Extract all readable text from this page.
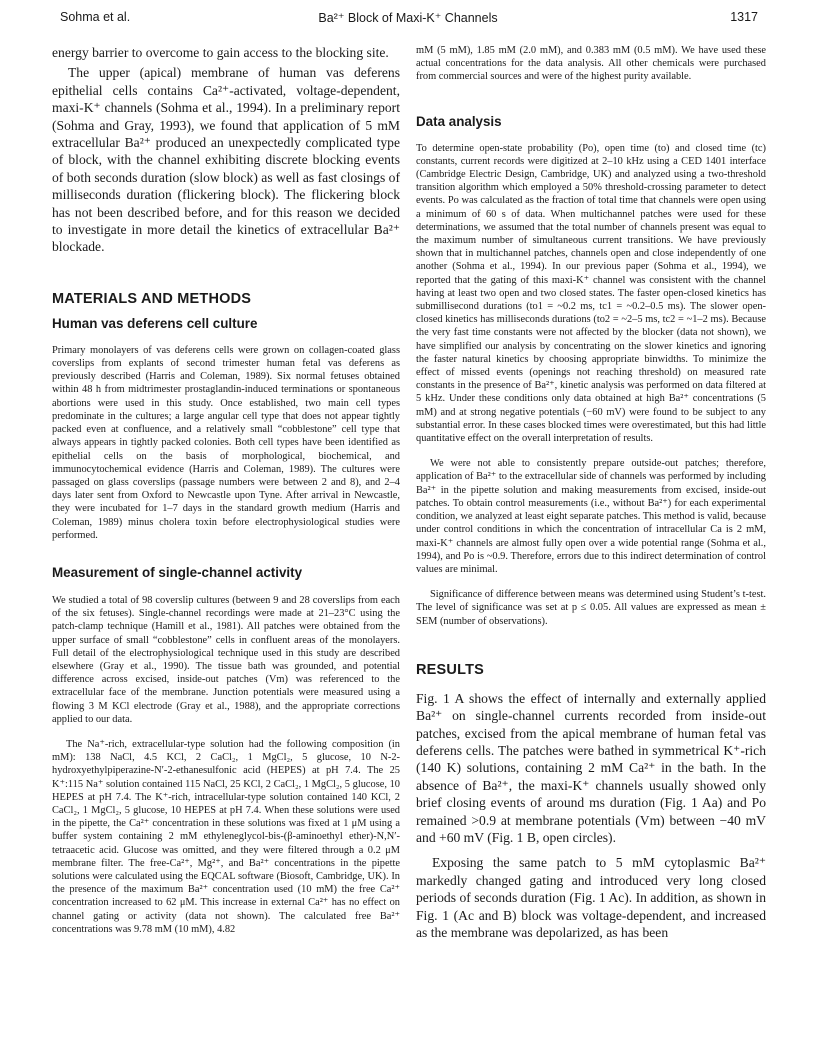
Sohma et al.	Ba²⁺ Block of Maxi-K⁺ Channels	1317

energy barrier to overcome to gain access to the blocking site.

The upper (apical) membrane of human vas deferens epithelial cells contains Ca²⁺-activated, voltage-dependent, maxi-K⁺ channels (Sohma et al., 1994). In a preliminary report (Sohma and Gray, 1993), we found that application of 5 mM extracellular Ba²⁺ produced an unexpectedly complicated type of block, with the channel exhibiting discrete blocking events of both seconds duration (slow block) as well as fast closings of milliseconds duration (flickering block). The flickering block has not been described before, and for this reason we decided to investigate in more detail the kinetics of extracellular Ba²⁺ blockade.

MATERIALS AND METHODS
Human vas deferens cell culture

Primary monolayers of vas deferens cells were grown on collagen-coated glass coverslips from explants of second trimester human fetal vas deferens as previously described (Harris and Coleman, 1989). Six normal fetuses obtained within 48 h from midtrimester prostaglandin-induced terminations or spontaneous abortions were used in this study. Once established, two main cell types predominate in the cultures; a large angular cell type that does not appear tightly packed even at confluence, and a relatively small “cobblestone” cell type that always appears in tightly packed colonies. Both cell types have been identified as epithelial cells on the basis of morphological, biochemical, and immunocytochemical evidence (Harris and Coleman, 1989). The cultures were passaged on glass coverslips (passage numbers were between 2 and 8), and 2–4 days later sent from Oxford to Newcastle upon Tyne. After arrival in Newcastle, they were incubated for 1–7 days in the standard growth medium (Harris and Coleman, 1989) minus cholera toxin before electrophysiological studies were performed.

Measurement of single-channel activity

We studied a total of 98 coverslip cultures (between 9 and 28 coverslips from each of the six fetuses). Single-channel recordings were made at 21–23°C using the patch-clamp technique (Hamill et al., 1981). All patches were obtained from the upper surface of small “cobblestone” cells in confluent areas of the monolayers. Full detail of the electrophysiological technique used in this study are described elsewhere (Gray et al., 1990). The tissue bath was grounded, and potential difference across excised, inside-out patches (Vm) was referenced to the extracellular face of the membrane. Junction potentials were measured using a flowing 3 M KCl electrode (Gray et al., 1988), and the appropriate corrections applied to our data.

The Na⁺-rich, extracellular-type solution had the following composition (in mM): 138 NaCl, 4.5 KCl, 2 CaCl₂, 1 MgCl₂, 5 glucose, 10 N-2-hydroxyethylpiperazine-N′-2-ethanesulfonic acid (HEPES) at pH 7.4. The 25 K⁺:115 Na⁺ solution contained 115 NaCl, 25 KCl, 2 CaCl₂, 1 MgCl₂, 5 glucose, 10 HEPES at pH 7.4. The K⁺-rich, intracellular-type solution contained 140 KCl, 2 CaCl₂, 1 MgCl₂, 5 glucose, 10 HEPES at pH 7.4. When these solutions were used in the pipette, the Ca²⁺ concentration in these solutions was fixed at 1 μM using a buffer system containing 2 mM ethyleneglycol-bis-(β-aminoethyl ether)-N,N′-tetraacetic acid. Glucose was omitted, and they were filtered through a 0.2 μM membrane filter. The free-Ca²⁺, Mg²⁺, and Ba²⁺ concentrations in the pipette solutions were calculated using the EQCAL software (Biosoft, Cambridge, UK). In the presence of the maximum Ba²⁺ concentration used (10 mM) the free Ca²⁺ concentration increased to 62 μM. This increase in external Ca²⁺ has no effect on channel gating or activity (data not shown). The calculated free Ba²⁺ concentrations was 9.78 mM (10 mM), 4.82

mM (5 mM), 1.85 mM (2.0 mM), and 0.383 mM (0.5 mM). We have used these actual concentrations for the data analysis. All other chemicals were purchased from commercial sources and were of the highest purity available.

Data analysis

To determine open-state probability (Po), open time (to) and closed time (tc) constants, current records were digitized at 2–10 kHz using a CED 1401 interface (Cambridge Electric Design, Cambridge, UK) and analyzed using a two-threshold transition algorithm which employed a 50% threshold-crossing parameter to detect events. Po was calculated as the fraction of total time that channels were open using a minimum of 60 s of data. When multichannel patches were used for these determinations, we assumed that the total number of channels present was equal to the maximum number of simultaneous current transitions. We have previously shown that in multichannel patches, channels open and close independently of one another (Sohma et al., 1994). In our previous paper (Sohma et al., 1994), we reported that the gating of this maxi-K⁺ channel was consistent with the channel having at least two open and two closed states. The faster open-closed kinetics has submillisecond durations (to1 = ~0.2 ms, tc1 = ~0.2–0.5 ms). The slower open-closed kinetics has milliseconds durations (to2 = ~2–5 ms, tc2 = ~1–2 ms). Because the very fast time constants were not affected by the blocker (data not shown), we have simplified our analysis by concentrating on the slower kinetics and ignoring the faster natural kinetics by choosing appropriate binwidths. To minimize the effect of missed events (openings not reaching threshold) on measured rate constants in the presence of Ba²⁺, kinetic analysis was performed on data filtered at 5 kHz. Under these conditions only data obtained at high Ba²⁺ concentrations (5 mM) and at strong negative potentials (−60 mV) were found to be subject to any substantial error. In these cases blocked times were overestimated, but this had little quantitative effect on the overall interpretation of results.

We were not able to consistently prepare outside-out patches; therefore, application of Ba²⁺ to the extracellular side of channels was performed by including Ba²⁺ in the pipette solution and making measurements from excised, inside-out patches. To obtain control measurements (i.e., without Ba²⁺) for each experimental condition, we analyzed at least eight separate patches. This method is valid, because under control conditions in which the concentration of intracellular Ca is 2 mM, maxi-K⁺ channels are almost fully open over a wide potential range (Sohma et al., 1994), and Po is ~0.9. Therefore, errors due to this indirect determination of control values are minimal.

Significance of difference between means was determined using Student’s t-test. The level of significance was set at p ≤ 0.05. All values are expressed as mean ± SEM (number of observations).

RESULTS

Fig. 1 A shows the effect of internally and externally applied Ba²⁺ on single-channel currents recorded from inside-out patches, excised from the apical membrane of human fetal vas deferens cells. The patches were bathed in symmetrical K⁺-rich (140 K) solutions, containing 2 mM Ca²⁺ in the bath. In the absence of Ba²⁺, the maxi-K⁺ channels usually showed only brief closing events of around ms duration (Fig. 1 Aa) and Po remained >0.9 at membrane potentials (Vm) between −40 mV and +60 mV (Fig. 1 B, open circles).

Exposing the same patch to 5 mM cytoplasmic Ba²⁺ markedly changed gating and introduced very long closed periods of seconds duration (Fig. 1 Ac). In addition, as shown in Fig. 1 (Ac and B) block was voltage-dependent, and increased as the membrane was depolarized, as has been
